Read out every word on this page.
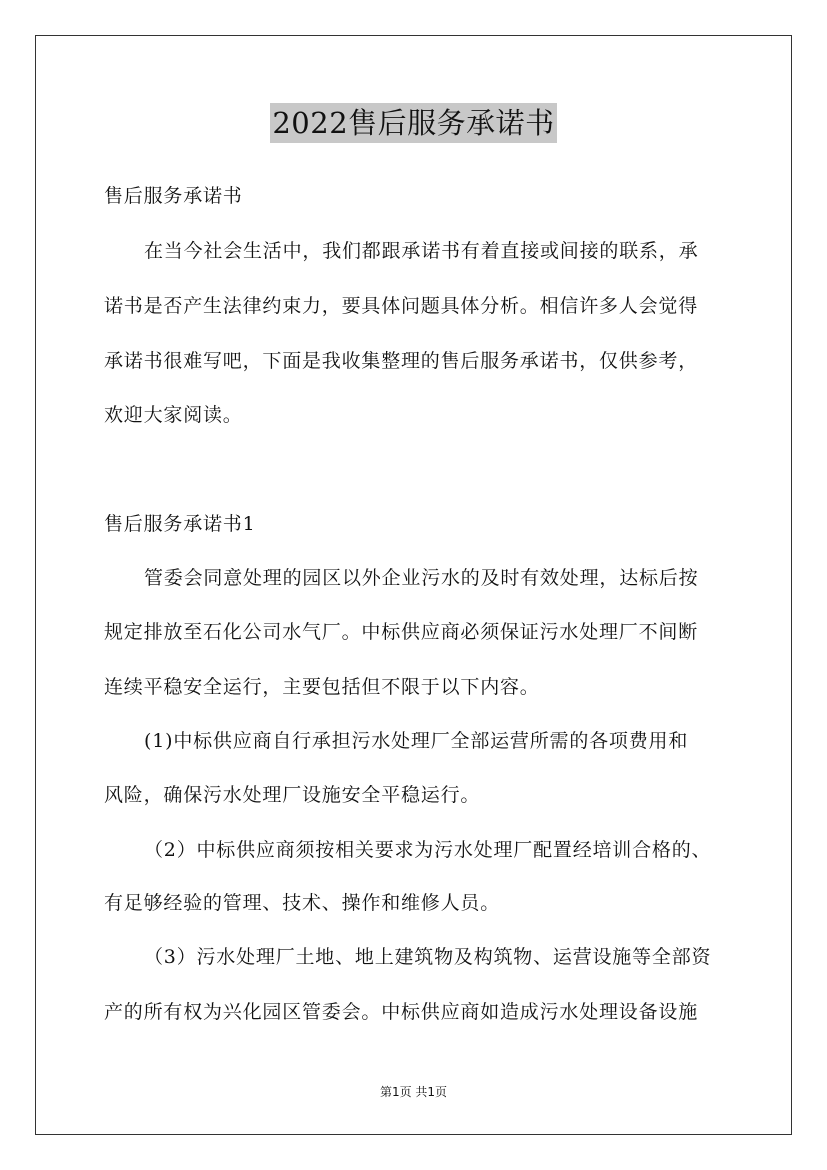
2022售后服务承诺书
售后服务承诺书
在当今社会生活中，我们都跟承诺书有着直接或间接的联系，承
诺书是否产生法律约束力，要具体问题具体分析。相信许多人会觉得
承诺书很难写吧，下面是我收集整理的售后服务承诺书，仅供参考，
欢迎大家阅读。
售后服务承诺书1
管委会同意处理的园区以外企业污水的及时有效处理，达标后按
规定排放至石化公司水气厂。中标供应商必须保证污水处理厂不间断
连续平稳安全运行，主要包括但不限于以下内容。
(1)中标供应商自行承担污水处理厂全部运营所需的各项费用和
风险，确保污水处理厂设施安全平稳运行。
（2）中标供应商须按相关要求为污水处理厂配置经培训合格的、
有足够经验的管理、技术、操作和维修人员。
（3）污水处理厂土地、地上建筑物及构筑物、运营设施等全部资
产的所有权为兴化园区管委会。中标供应商如造成污水处理设备设施
第1页 共1页
